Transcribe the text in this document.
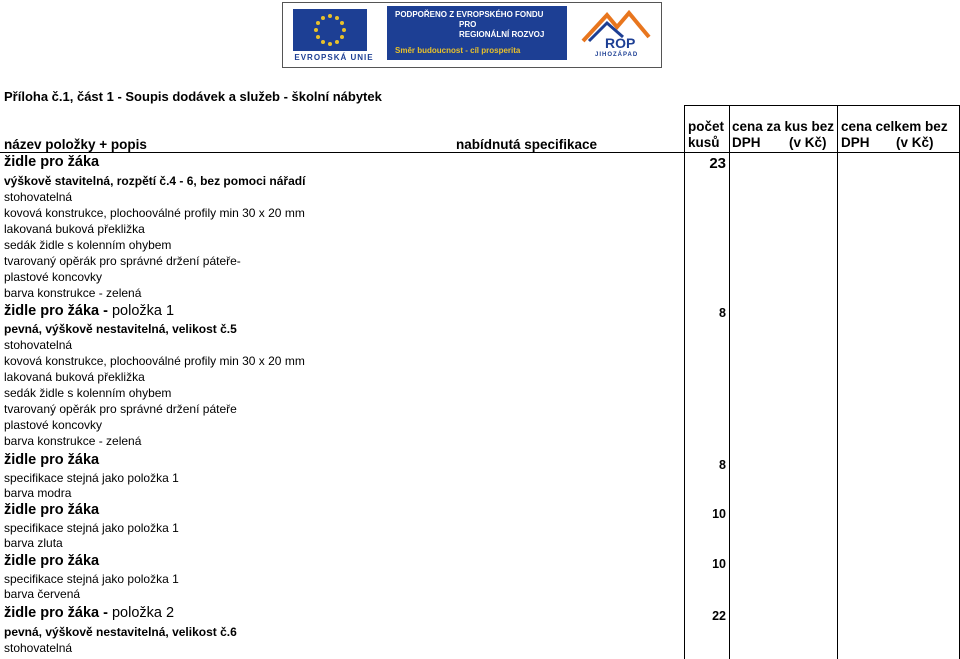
EVROPSKÁ UNIE
PODPOŘENO Z EVROPSKÉHO FONDU
PRO
REGIONÁLNÍ ROZVOJ
Směr budoucnost - cíl prosperita	ROP
JIHOZÁPAD
Příloha č.1, část 1 - Soupis dodávek a služeb - školní nábytek
název položky + popis	nabídnutá specifikace
počet
kusů
cena za kus bez
DPH (v Kč)
cena celkem bez
DPH (v Kč)
židle pro žáka	23
výškově stavitelná, rozpětí č.4 - 6, bez pomoci nářadí
stohovatelná
kovová konstrukce, plochooválné profily min 30 x 20 mm
lakovaná buková překližka
sedák židle s kolenním ohybem
tvarovaný opěrák pro správné držení páteře-
plastové koncovky
barva konstrukce - zelená
židle pro žáka - položka 1	8
pevná, výškově nestavitelná, velikost č.5
stohovatelná
kovová konstrukce, plochooválné profily min 30 x 20 mm
lakovaná buková překližka
sedák židle s kolenním ohybem
tvarovaný opěrák pro správné držení páteře
plastové koncovky
barva konstrukce - zelená
židle pro žáka	8
specifikace stejná jako položka 1
barva modra
židle pro žáka	10
specifikace stejná jako položka 1
barva zluta
židle pro žáka	10
specifikace stejná jako položka 1
barva červená
židle pro žáka - položka 2	22
pevná, výškově nestavitelná, velikost č.6
stohovatelná
